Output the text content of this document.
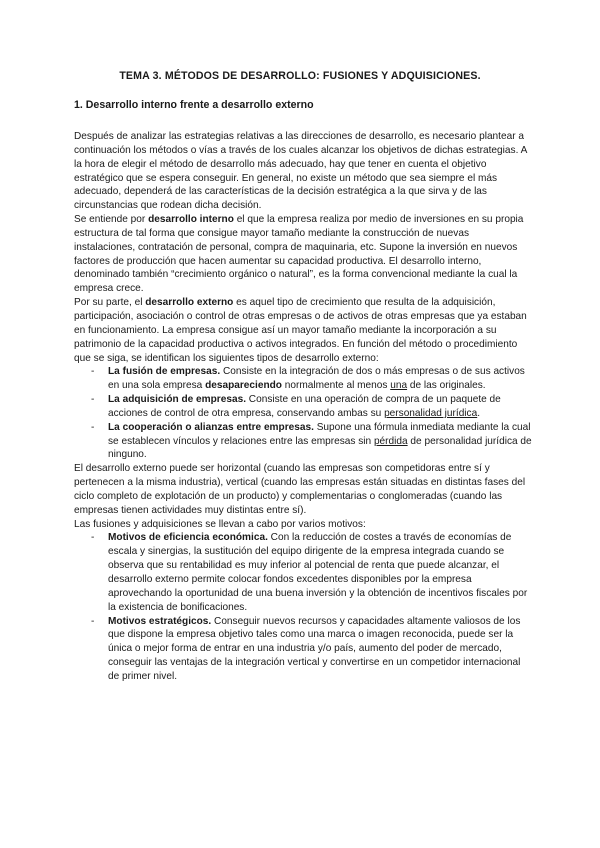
TEMA 3. MÉTODOS DE DESARROLLO: FUSIONES Y ADQUISICIONES.
1. Desarrollo interno frente a desarrollo externo

Después de analizar las estrategias relativas a las direcciones de desarrollo, es necesario plantear a continuación los métodos o vías a través de los cuales alcanzar los objetivos de dichas estrategias. A la hora de elegir el método de desarrollo más adecuado, hay que tener en cuenta el objetivo estratégico que se espera conseguir. En general, no existe un método que sea siempre el más adecuado, dependerá de las características de la decisión estratégica a la que sirva y de las circunstancias que rodean dicha decisión.

Se entiende por desarrollo interno el que la empresa realiza por medio de inversiones en su propia estructura de tal forma que consigue mayor tamaño mediante la construcción de nuevas instalaciones, contratación de personal, compra de maquinaria, etc. Supone la inversión en nuevos factores de producción que hacen aumentar su capacidad productiva. El desarrollo interno, denominado también “crecimiento orgánico o natural”, es la forma convencional mediante la cual la empresa crece.

Por su parte, el desarrollo externo es aquel tipo de crecimiento que resulta de la adquisición, participación, asociación o control de otras empresas o de activos de otras empresas que ya estaban en funcionamiento. La empresa consigue así un mayor tamaño mediante la incorporación a su patrimonio de la capacidad productiva o activos integrados. En función del método o procedimiento que se siga, se identifican los siguientes tipos de desarrollo externo:

- La fusión de empresas. Consiste en la integración de dos o más empresas o de sus activos en una sola empresa desapareciendo normalmente al menos una de las originales.
- La adquisición de empresas. Consiste en una operación de compra de un paquete de acciones de control de otra empresa, conservando ambas su personalidad jurídica.
- La cooperación o alianzas entre empresas. Supone una fórmula inmediata mediante la cual se establecen vínculos y relaciones entre las empresas sin pérdida de personalidad jurídica de ninguno.

El desarrollo externo puede ser horizontal (cuando las empresas son competidoras entre sí y pertenecen a la misma industria), vertical (cuando las empresas están situadas en distintas fases del ciclo completo de explotación de un producto) y complementarias o conglomeradas (cuando las empresas tienen actividades muy distintas entre sí).

Las fusiones y adquisiciones se llevan a cabo por varios motivos:

- Motivos de eficiencia económica. Con la reducción de costes a través de economías de escala y sinergias, la sustitución del equipo dirigente de la empresa integrada cuando se observa que su rentabilidad es muy inferior al potencial de renta que puede alcanzar, el desarrollo externo permite colocar fondos excedentes disponibles por la empresa aprovechando la oportunidad de una buena inversión y la obtención de incentivos fiscales por la existencia de bonificaciones.
- Motivos estratégicos. Conseguir nuevos recursos y capacidades altamente valiosos de los que dispone la empresa objetivo tales como una marca o imagen reconocida, puede ser la única o mejor forma de entrar en una industria y/o país, aumento del poder de mercado, conseguir las ventajas de la integración vertical y convertirse en un competidor internacional de primer nivel.
